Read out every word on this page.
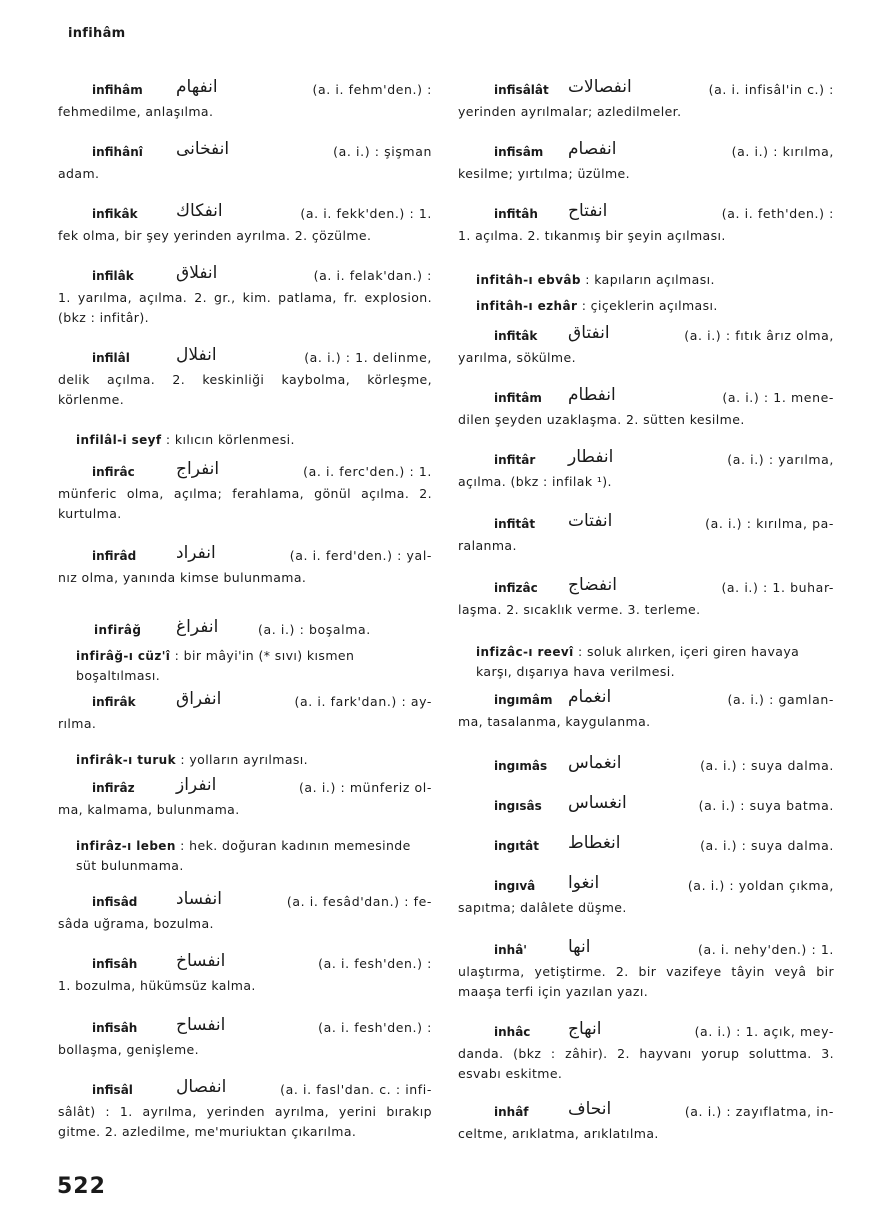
infihâm
infihâm انفهام	(a. i. fehm'den.) :
fehmedilme, anlaşılma.
infihânî انفخانى	(a. i.) : şişman
adam.
infikâk انفكاك	(a. i. fekk'den.) : 1.
fek olma, bir şey yerinden ayrılma. 2. çözülme.
infilâk انفلاق	(a. i. felak'dan.) :
1. yarılma, açılma. 2. gr., kim. patlama, fr. explosion. (bkz : infitâr).
infilâl	انفلال	(a. i.) : 1. delinme,
delik açılma. 2. keskinliği kaybolma, körleşme, körlenme.
infirâc انفراج	(a. i. ferc'den.) : 1.
münferic olma, açılma; ferahlama, gönül açılma. 2. kurtulma.
infirâd انفراد	(a. i. ferd'den.) : yal-
nız olma, yanında kimse bulunmama.
infirâk انفراق	(a. i. fark'dan.) : ay-
rılma.
infirâz انفراز	(a. i.) : münferiz ol-
ma, kalmama, bulunmama.
infisâd انفساد	(a. i. fesâd'dan.) : fe-
sâda uğrama, bozulma.
infisâh انفساخ	(a. i. fesh'den.) :
1. bozulma, hükümsüz kalma.
infisâh انفساح	(a. i. fesh'den.) :
bollaşma, genişleme.
infisâl	انفصال	(a. i. fasl'dan. c. : infi-
sâlât) : 1. ayrılma, yerinden ayrılma, yerini bırakıp gitme. 2. azledilme, me'muriuktan çıkarılma.
infilâl-i seyf : kılıcın körlenmesi.
infirâğ انفراغ	(a. i.) : boşalma.
infirâğ-ı cüz'î : bir mâyi'in (* sıvı) kısmen boşaltılması.
infirâk-ı turuk : yolların ayrılması.
infirâz-ı leben : hek. doğuran kadının memesinde süt bulunmama.
infisâlât انفصالات	(a. i. infisâl'in c.) :
yerinden ayrılmalar; azledilmeler.
infisâm انفصام	(a. i.) : kırılma,
kesilme; yırtılma; üzülme.
infitâh انفتاح	(a. i. feth'den.) :
1. açılma. 2. tıkanmış bir şeyin açılması.
infitâk انفتاق	(a. i.) : fıtık ârız olma,
yarılma, sökülme.
infitâm انفطام	(a. i.) : 1. mene-
dilen şeyden uzaklaşma. 2. sütten kesilme.
infitâr انفطار	(a. i.) : yarılma,
açılma. (bkz : infilak ¹).
infitât انفتات	(a. i.) : kırılma, pa-
ralanma.
infizâc انفضاج	(a. i.) : 1. buhar-
laşma. 2. sıcaklık verme. 3. terleme.
ingımâm انغمام	(a. i.) : gamlan-
ma, tasalanma, kaygulanma.
ingımâs انغماس	(a. i.) : suya dalma.
ingısâs انغساس	(a. i.) : suya batma.
ingıtât انغطاط	(a. i.) : suya dalma.
ingıvâ انغوا	(a. i.) : yoldan çıkma,
sapıtma; dalâlete düşme.
inhâ' انها	(a. i. nehy'den.) : 1.
ulaştırma, yetiştirme. 2. bir vazifeye tâyin veyâ bir maaşa terfi için yazılan yazı.
inhâc انهاج	(a. i.) : 1. açık, mey-
danda. (bkz : zâhir). 2. hayvanı yorup soluttma. 3. esvabı eskitme.
inhâf انحاف	(a. i.) : zayıflatma, in-
celtme, arıklatma, arıklatılma.
infitâh-ı ebvâb : kapıların açılması.
infitâh-ı ezhâr : çiçeklerin açılması.
infizâc-ı reevî : soluk alırken, içeri giren havaya karşı, dışarıya hava verilmesi.
522
